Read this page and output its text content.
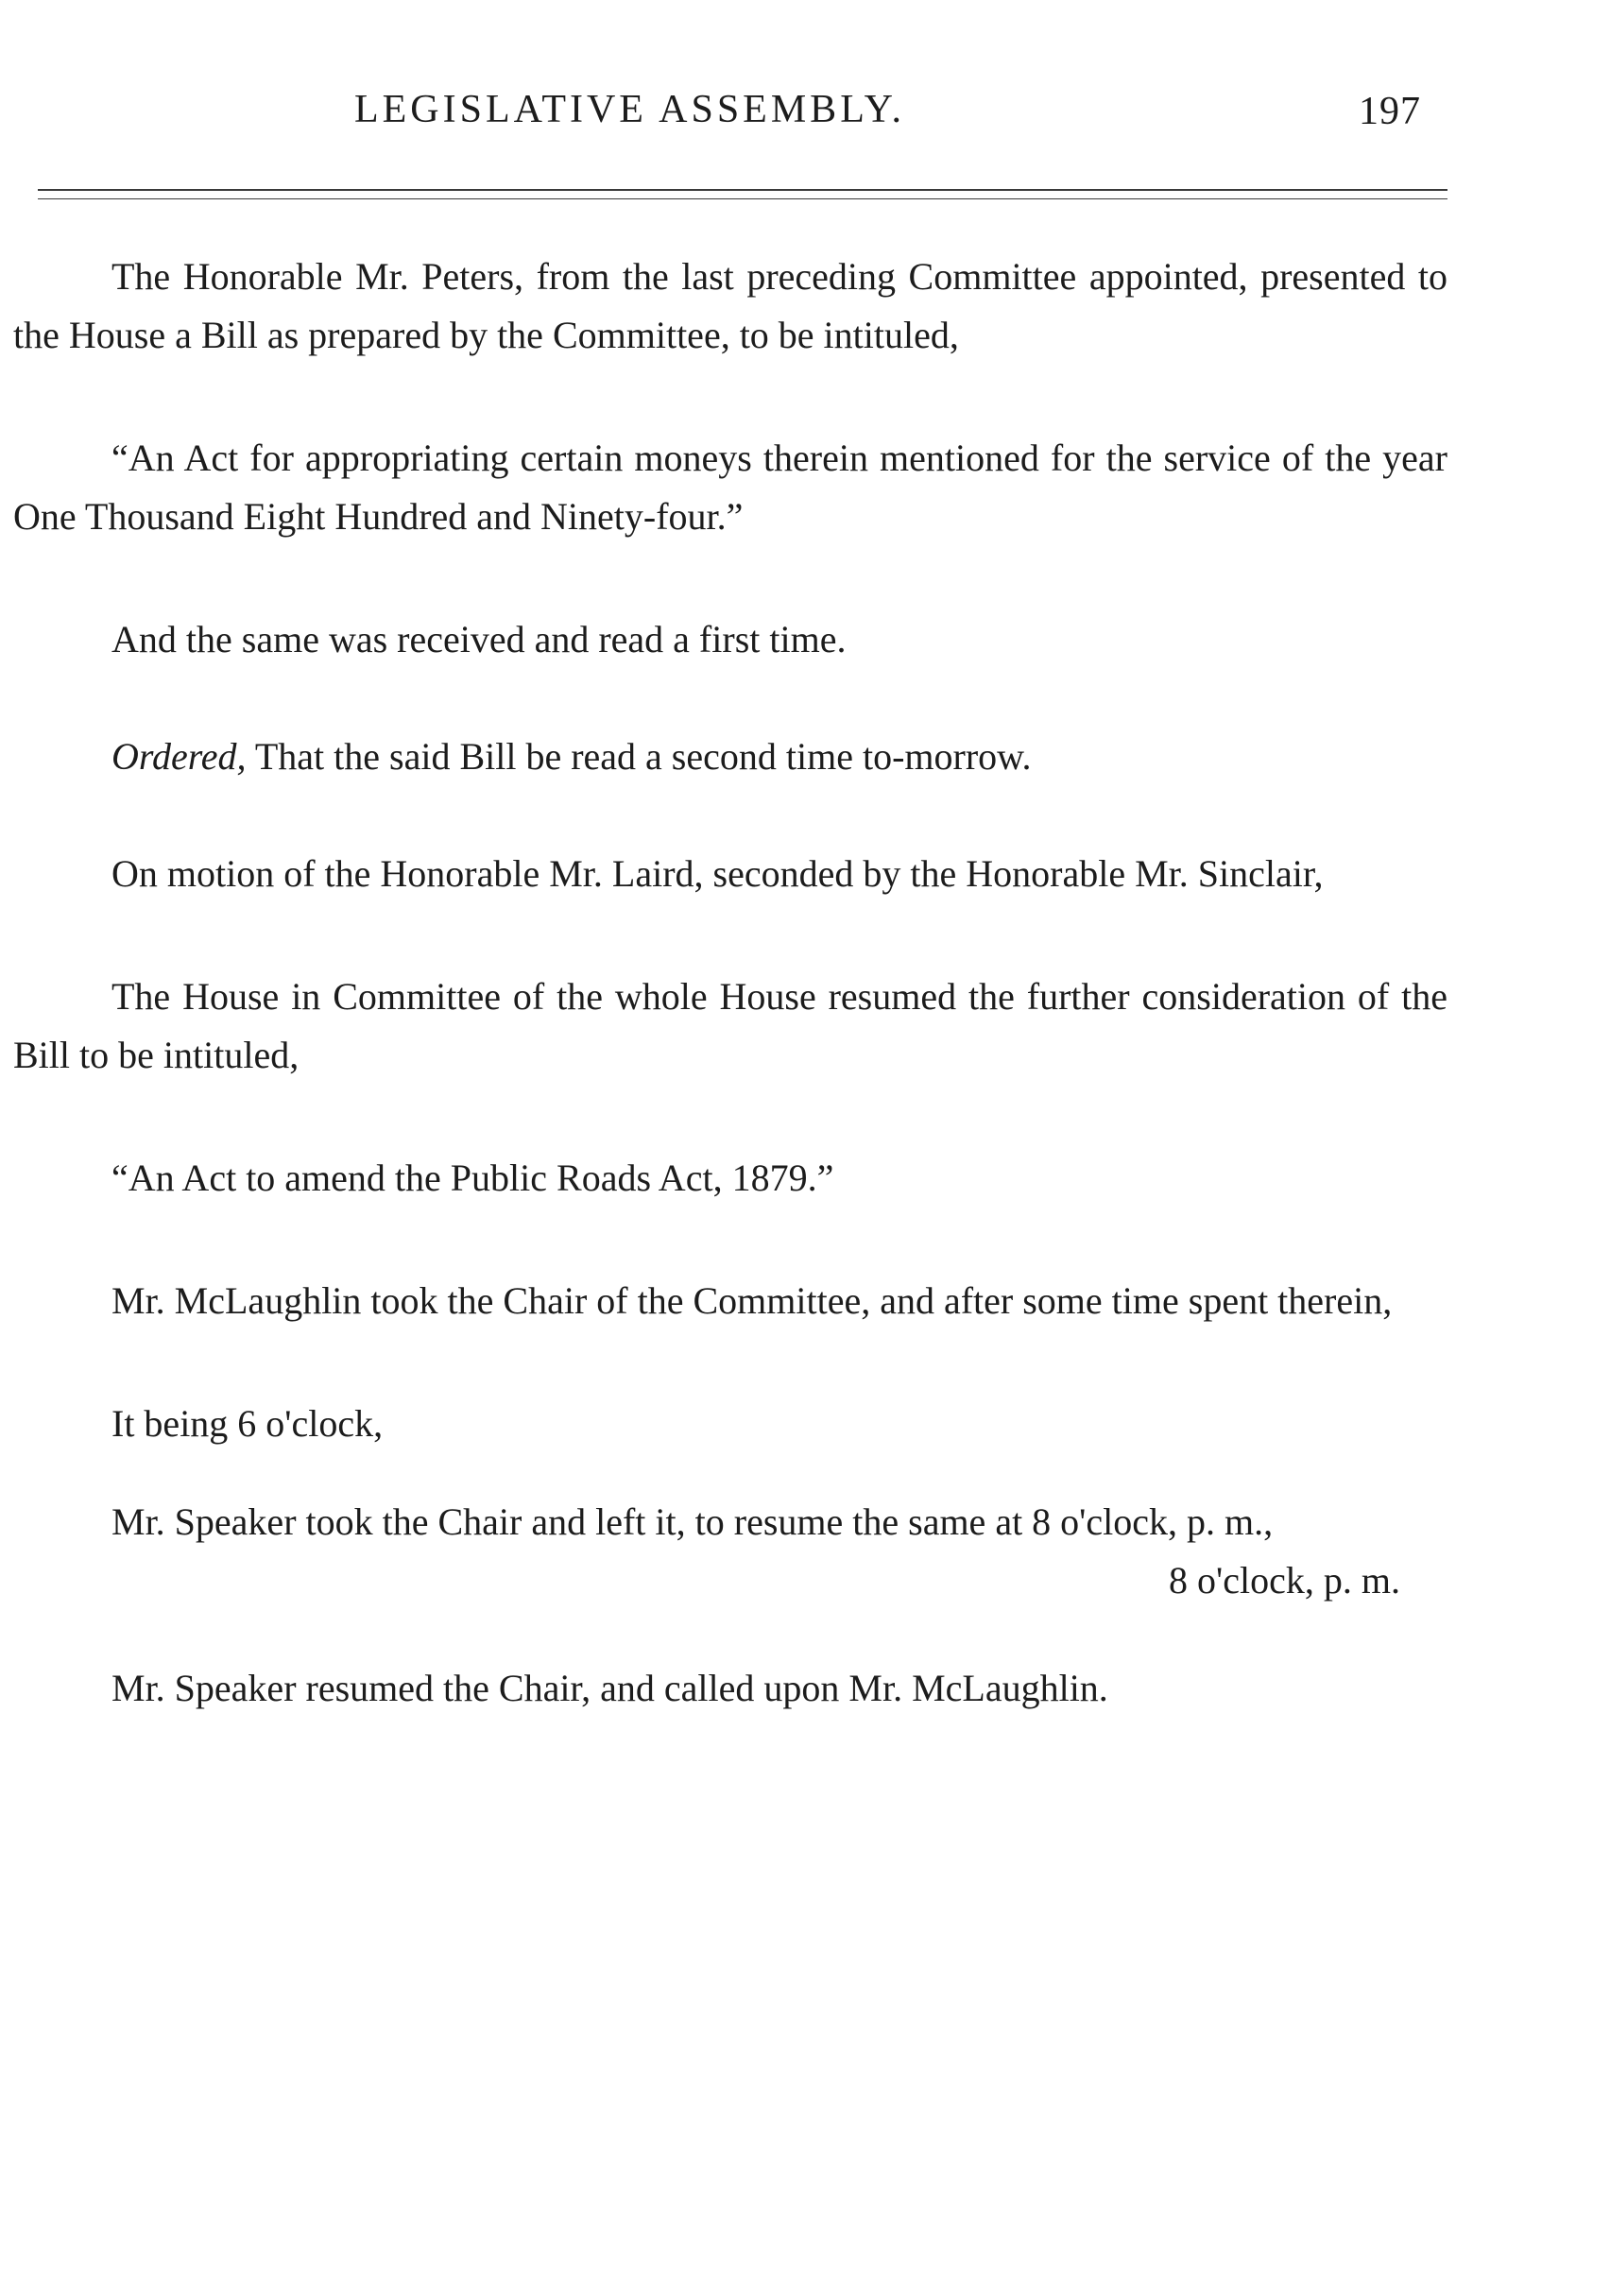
LEGISLATIVE ASSEMBLY.	197

The Honorable Mr. Peters, from the last preceding Committee appointed, presented to the House a Bill as prepared by the Committee, to be intituled,

“An Act for appropriating certain moneys therein mentioned for the service of the year One Thousand Eight Hundred and Ninety-four.”

And the same was received and read a first time.

Ordered, That the said Bill be read a second time to-morrow.

On motion of the Honorable Mr. Laird, seconded by the Honorable Mr. Sinclair,

The House in Committee of the whole House resumed the further consideration of the Bill to be intituled,

“An Act to amend the Public Roads Act, 1879.”

Mr. McLaughlin took the Chair of the Committee, and after some time spent therein,

It being 6 o'clock,

Mr. Speaker took the Chair and left it, to resume the same at 8 o'clock, p. m.,

8 o'clock, p. m.

Mr. Speaker resumed the Chair, and called upon Mr. McLaughlin.
